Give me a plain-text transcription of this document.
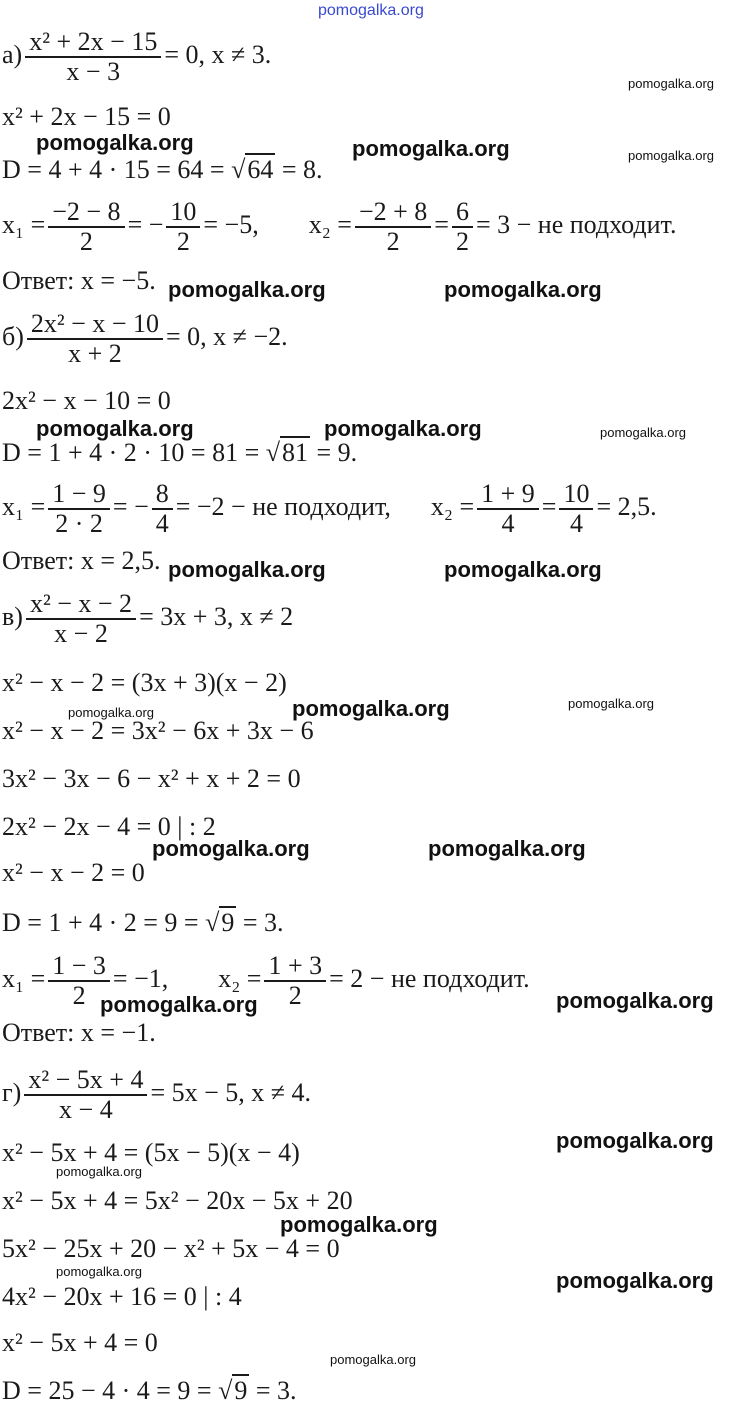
pomogalka.org
$а) \frac{\text{x² + 2x − 15}}{x - 3} = 0$, x ≠ 3.
x² + 2x − 15 = 0
D = 4 + 4 · 15 = 64 = √64 = 8.
$x_1 = \frac{-2 - 8}{2}$ = − $\frac{10}{2} = -5$, $x_2 = \frac{-2 + 8}{2} = \frac{6}{2} = 3$ − не подходит.
Ответ: x = −5.
$б) \frac{\text{2x² − x − 10}}{x + 2} = 0$, x ≠ −2.
2x² − x − 10 = 0
D = 1 + 4 · 2 · 10 = 81 = √81 = 9.
$x_1 = \frac{1 - 9}{2 \cdot 2}$ = − $\frac{8}{4} = -2$ − не подходит, $x_2 = \frac{1 + 9}{4} = \frac{10}{4} = 2,5$.
Ответ: x = 2,5.
$в) \frac{\text{x² − x − 2}}{x - 2} = 3x + 3$, x ≠ 2
x² − x − 2 = (3x + 3)(x − 2)
x² − x − 2 = 3x² − 6x + 3x − 6
3x² − 3x − 6 − x² + x + 2 = 0
2x² − 2x − 4 = 0 | : 2
x² − x − 2 = 0
D = 1 + 4 · 2 = 9 = √9 = 3.
$x_1 = \frac{1 - 3}{2} = -1$, $x_2 = \frac{1 + 3}{2} = 2$ − не подходит.
Ответ: x = −1.
$г) \frac{\text{x² − 5x + 4}}{x - 4} = 5x - 5$, x ≠ 4.
x² − 5x + 4 = (5x − 5)(x − 4)
x² − 5x + 4 = 5x² − 20x − 5x + 20
5x² − 25x + 20 − x² + 5x − 4 = 0
4x² − 20x + 16 = 0 | : 4
x² − 5x + 4 = 0
D = 25 − 4 · 4 = 9 = √9 = 3.
pomogalka.org
pomogalka.org	pomogalka.org	pomogalka.org
pomogalka.org	pomogalka.org
pomogalka.org	pomogalka.org	pomogalka.org
pomogalka.org	pomogalka.org
pomogalka.org	pomogalka.org	pomogalka.org
pomogalka.org	pomogalka.org
pomogalka.org	pomogalka.org
pomogalka.org
pomogalka.org
pomogalka.org
pomogalka.org	pomogalka.org
pomogalka.org
